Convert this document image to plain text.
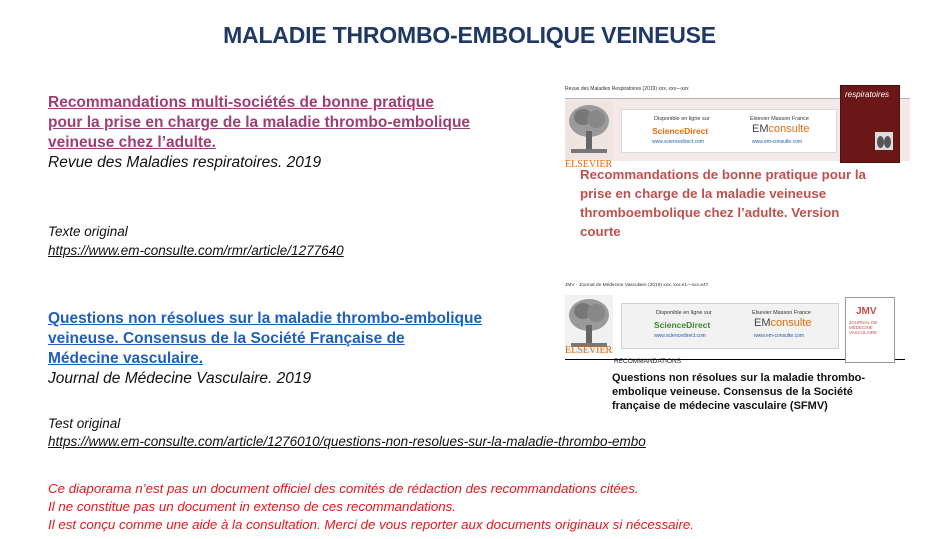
MALADIE THROMBO-EMBOLIQUE VEINEUSE
Recommandations multi-sociétés de bonne pratique
pour la prise en charge de la maladie thrombo-embolique
veineuse chez l’adulte.
Revue des Maladies respiratoires. 2019
Texte original
https://www.em-consulte.com/rmr/article/1277640
Questions non résolues sur la maladie thrombo-embolique
veineuse. Consensus de la Société Française de
Médecine vasculaire.
Journal de Médecine Vasculaire. 2019
Test original
https://www.em-consulte.com/article/1276010/questions-non-resolues-sur-la-maladie-thrombo-embo
Ce diaporama n’est pas un document officiel des comités de rédaction des recommandations citées.
Il ne constitue pas un document in extenso de ces recommandations.
Il est conçu comme une aide à la consultation. Merci de vous reporter aux documents originaux si nécessaire.
Revue des Maladies Respiratoires (2019) xxx, xxx—xxx
ELSEVIER
Disponible en ligne sur
ScienceDirect
www.sciencedirect.com
Elsevier Masson France
EMconsulte
www.em-consulte.com
respiratoires
Recommandations de bonne pratique pour la prise en charge de la maladie veineuse thromboembolique chez l’adulte. Version courte
JMV - Journal de Médecine Vasculaire (2019) xxx, xxx.e1—xxx.e47
ELSEVIER
Disponible en ligne sur
ScienceDirect
www.sciencedirect.com
Elsevier Masson France
EMconsulte
www.em-consulte.com
JMV
JOURNAL DE MÉDECINE VASCULAIRE
RECOMMANDATIONS
Questions non résolues sur la maladie thrombo-embolique veineuse. Consensus de la Société française de médecine vasculaire (SFMV)
